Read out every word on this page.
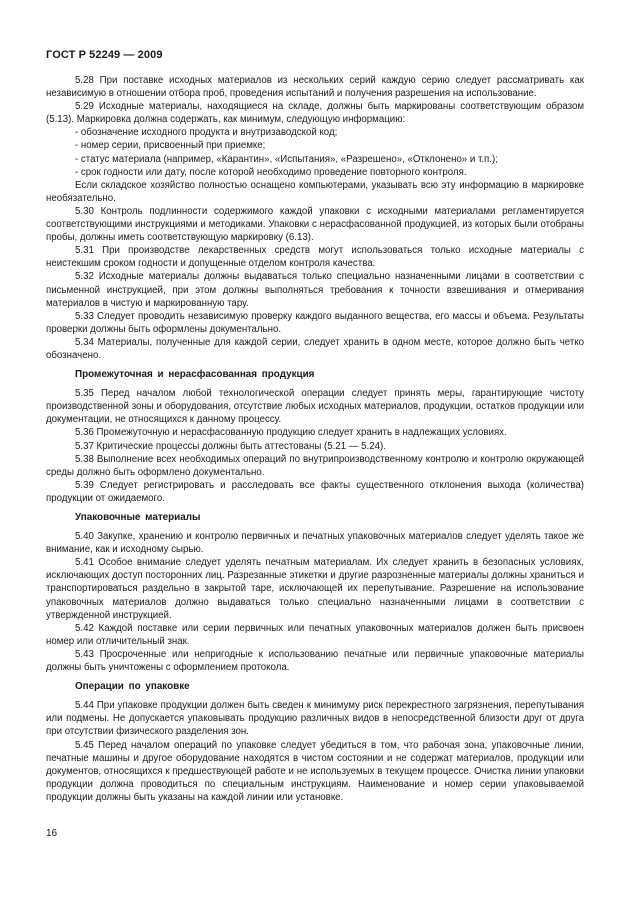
ГОСТ Р 52249 — 2009

5.28 При поставке исходных материалов из нескольких серий каждую серию следует рассматривать как независимую в отношении отбора проб, проведения испытаний и получения разрешения на использование.

5.29 Исходные материалы, находящиеся на складе, должны быть маркированы соответствующим образом (5.13). Маркировка должна содержать, как минимум, следующую информацию:

- обозначение исходного продукта и внутризаводской код;

- номер серии, присвоенный при приемке;

- статус материала (например, «Карантин», «Испытания», «Разрешено», «Отклонено» и т.п.);

- срок годности или дату, после которой необходимо проведение повторного контроля.

Если складское хозяйство полностью оснащено компьютерами, указывать всю эту информацию в маркировке необязательно.

5.30 Контроль подлинности содержимого каждой упаковки с исходными материалами регламентируется соответствующими инструкциями и методиками. Упаковки с нерасфасованной продукцией, из которых были отобраны пробы, должны иметь соответствующую маркировку (6.13).

5.31 При производстве лекарственных средств могут использоваться только исходные материалы с неистекшим сроком годности и допущенные отделом контроля качества.

5.32 Исходные материалы должны выдаваться только специально назначенными лицами в соответствии с письменной инструкцией, при этом должны выполняться требования к точности взвешивания и отмеривания материалов в чистую и маркированную тару.

5.33 Следует проводить независимую проверку каждого выданного вещества, его массы и объема. Результаты проверки должны быть оформлены документально.

5.34 Материалы, полученные для каждой серии, следует хранить в одном месте, которое должно быть четко обозначено.

Промежуточная и нерасфасованная продукция

5.35 Перед началом любой технологической операции следует принять меры, гарантирующие чистоту производственной зоны и оборудования, отсутствие любых исходных материалов, продукции, остатков продукции или документации, не относящихся к данному процессу.

5.36 Промежуточную и нерасфасованную продукцию следует хранить в надлежащих условиях.

5.37 Критические процессы должны быть аттестованы (5.21 — 5.24).

5.38 Выполнение всех необходимых операций по внутрипроизводственному контролю и контролю окружающей среды должно быть оформлено документально.

5.39 Следует регистрировать и расследовать все факты существенного отклонения выхода (количества) продукции от ожидаемого.

Упаковочные материалы

5.40 Закупке, хранению и контролю первичных и печатных упаковочных материалов следует уделять такое же внимание, как и исходному сырью.

5.41 Особое внимание следует уделять печатным материалам. Их следует хранить в безопасных условиях, исключающих доступ посторонних лиц. Разрезанные этикетки и другие разрозненные материалы должны храниться и транспортироваться раздельно в закрытой таре, исключающей их перепутывание. Разрешение на использование упаковочных материалов должно выдаваться только специально назначенными лицами в соответствии с утвержденной инструкцией.

5.42 Каждой поставке или серии первичных или печатных упаковочных материалов должен быть присвоен номер или отличительный знак.

5.43 Просроченные или непригодные к использованию печатные или первичные упаковочные материалы должны быть уничтожены с оформлением протокола.

Операции по упаковке

5.44 При упаковке продукции должен быть сведен к минимуму риск перекрестного загрязнения, перепутывания или подмены. Не допускается упаковывать продукцию различных видов в непосредственной близости друг от друга при отсутствии физического разделения зон.

5.45 Перед началом операций по упаковке следует убедиться в том, что рабочая зона, упаковочные линии, печатные машины и другое оборудование находятся в чистом состоянии и не содержат материалов, продукции или документов, относящихся к предшествующей работе и не используемых в текущем процессе. Очистка линии упаковки продукции должна проводиться по специальным инструкциям. Наименование и номер серии упаковываемой продукции должны быть указаны на каждой линии или установке.

16
